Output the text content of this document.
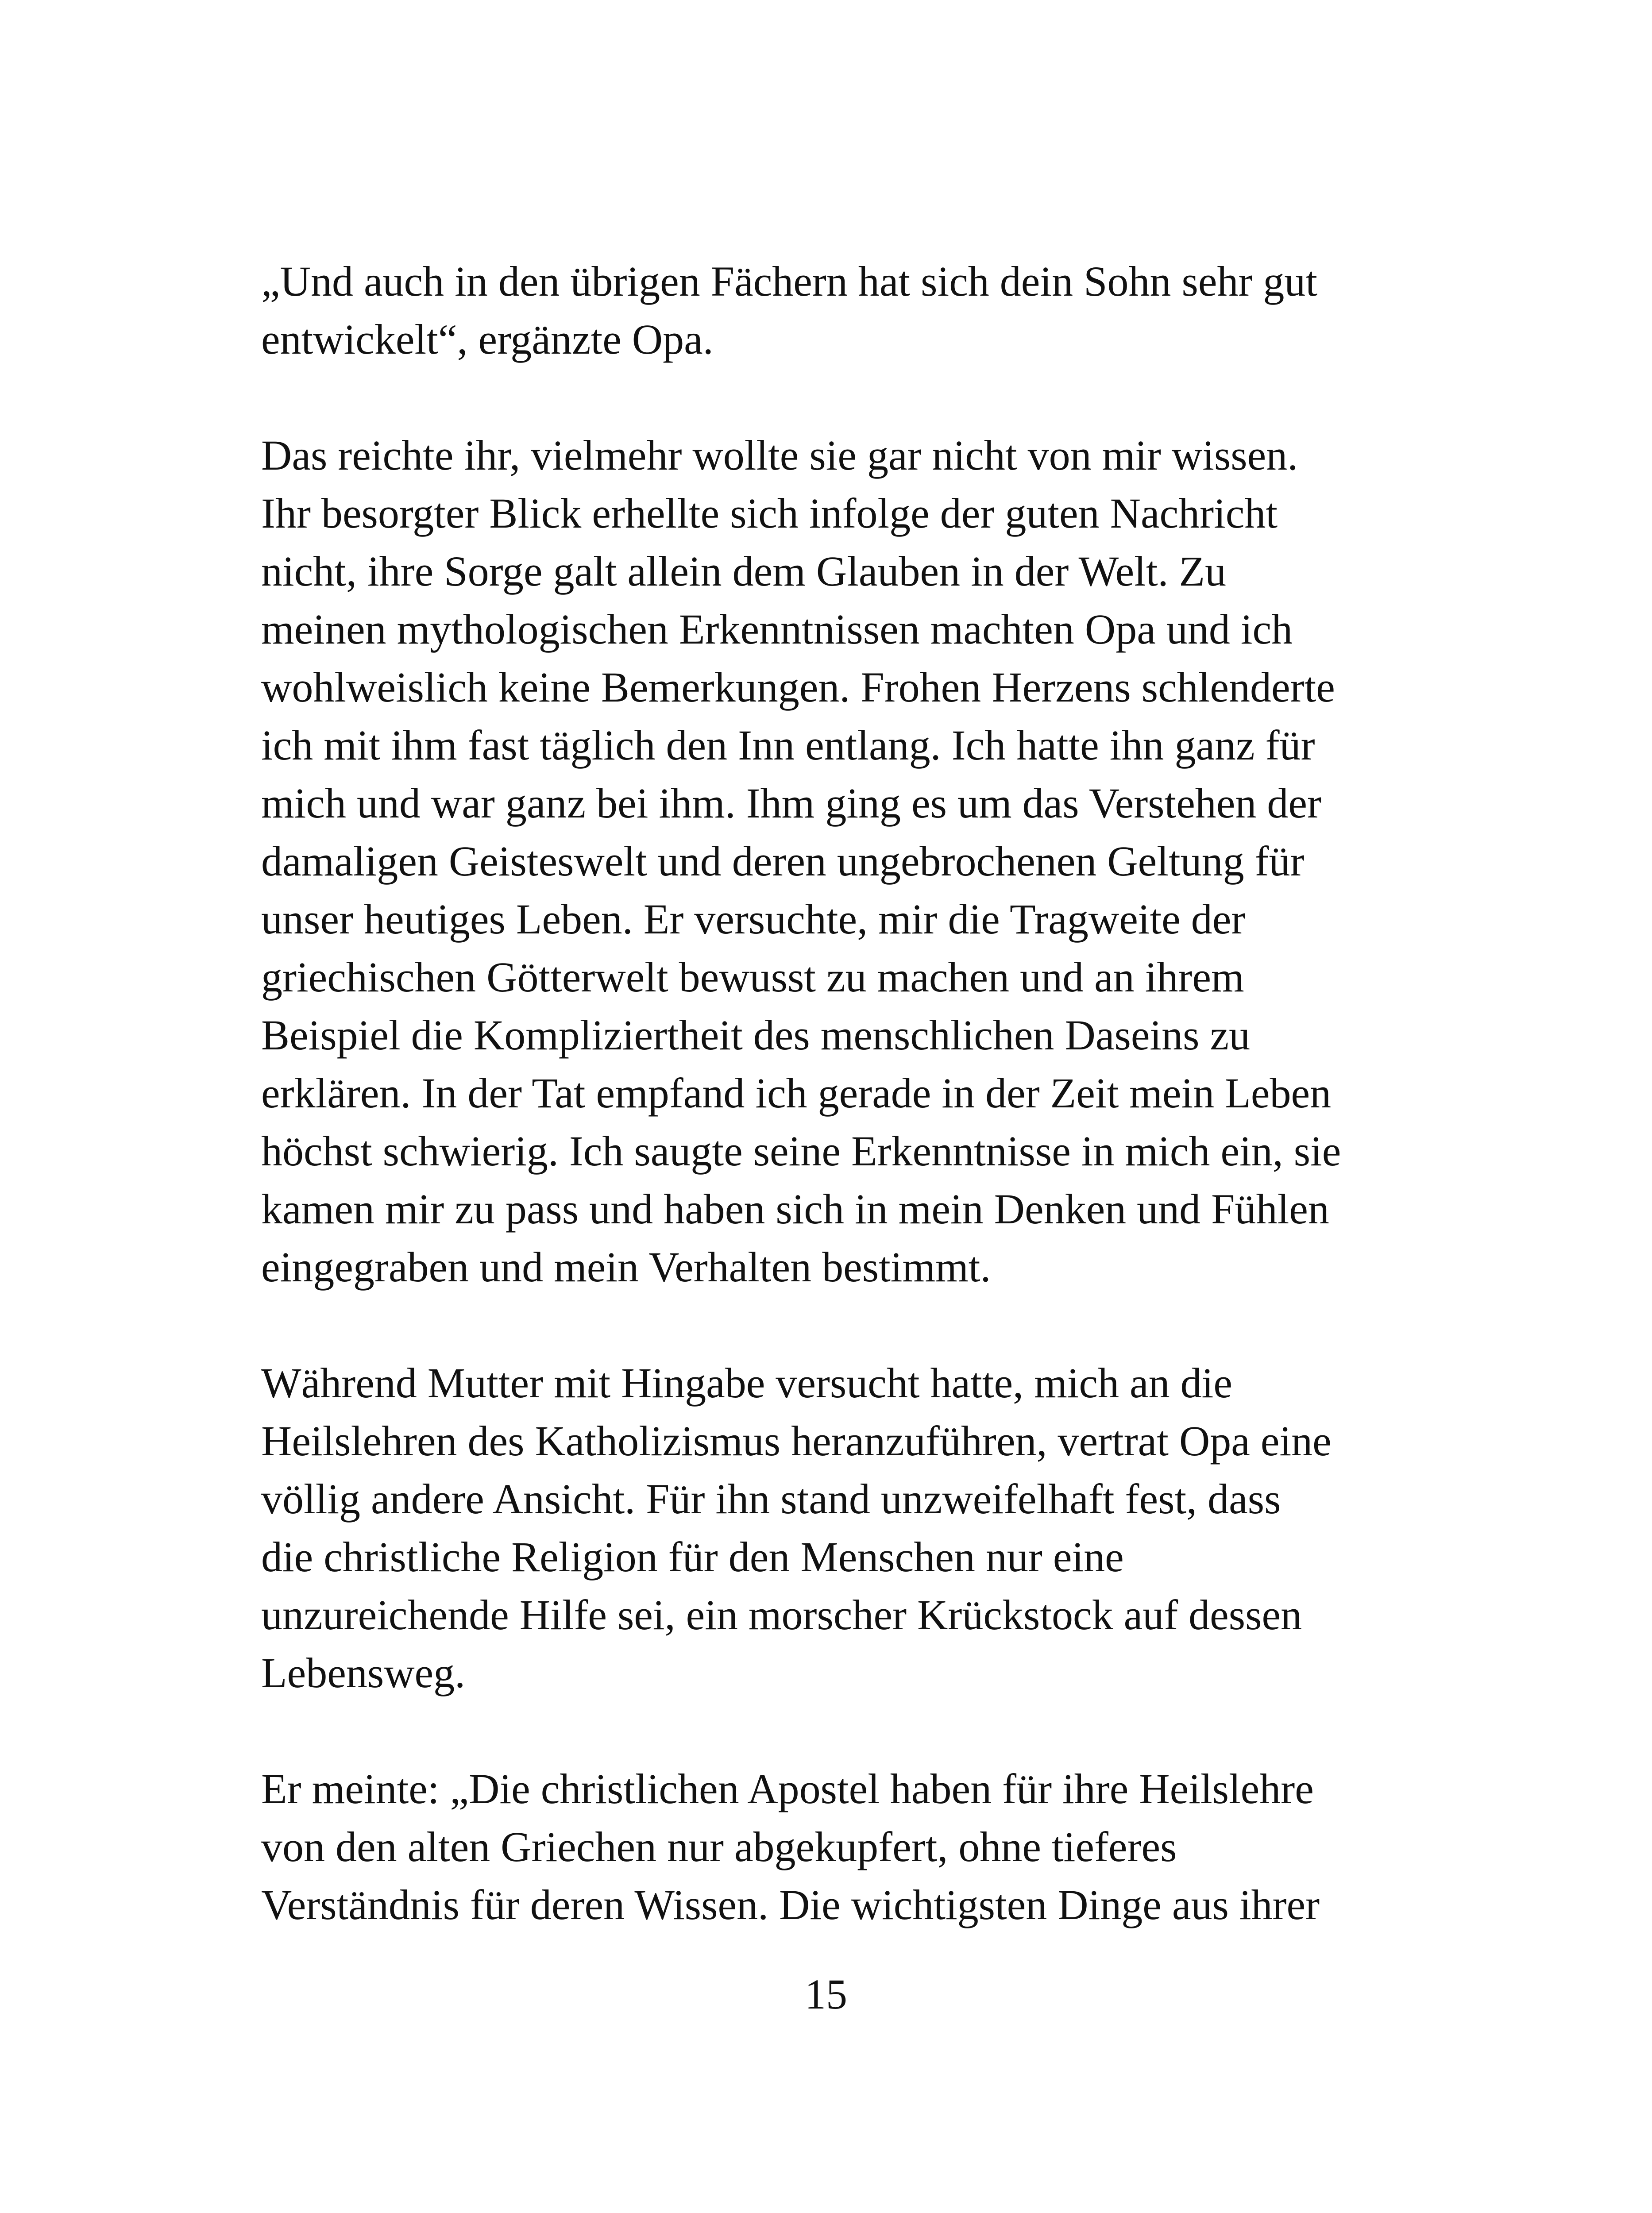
„Und auch in den übrigen Fächern hat sich dein Sohn sehr gut
entwickelt“, ergänzte Opa.
Das reichte ihr, vielmehr wollte sie gar nicht von mir wissen.
Ihr besorgter Blick erhellte sich infolge der guten Nachricht
nicht, ihre Sorge galt allein dem Glauben in der Welt. Zu
meinen mythologischen Erkenntnissen machten Opa und ich
wohlweislich keine Bemerkungen. Frohen Herzens schlenderte
ich mit ihm fast täglich den Inn entlang. Ich hatte ihn ganz für
mich und war ganz bei ihm. Ihm ging es um das Verstehen der
damaligen Geisteswelt und deren ungebrochenen Geltung für
unser heutiges Leben. Er versuchte, mir die Tragweite der
griechischen Götterwelt bewusst zu machen und an ihrem
Beispiel die Kompliziertheit des menschlichen Daseins zu
erklären. In der Tat empfand ich gerade in der Zeit mein Leben
höchst schwierig. Ich saugte seine Erkenntnisse in mich ein, sie
kamen mir zu pass und haben sich in mein Denken und Fühlen
eingegraben und mein Verhalten bestimmt.
Während Mutter mit Hingabe versucht hatte, mich an die
Heilslehren des Katholizismus heranzuführen, vertrat Opa eine
völlig andere Ansicht. Für ihn stand unzweifelhaft fest, dass
die christliche Religion für den Menschen nur eine
unzureichende Hilfe sei, ein morscher Krückstock auf dessen
Lebensweg.
Er meinte: „Die christlichen Apostel haben für ihre Heilslehre
von den alten Griechen nur abgekupfert, ohne tieferes
Verständnis für deren Wissen. Die wichtigsten Dinge aus ihrer
15
